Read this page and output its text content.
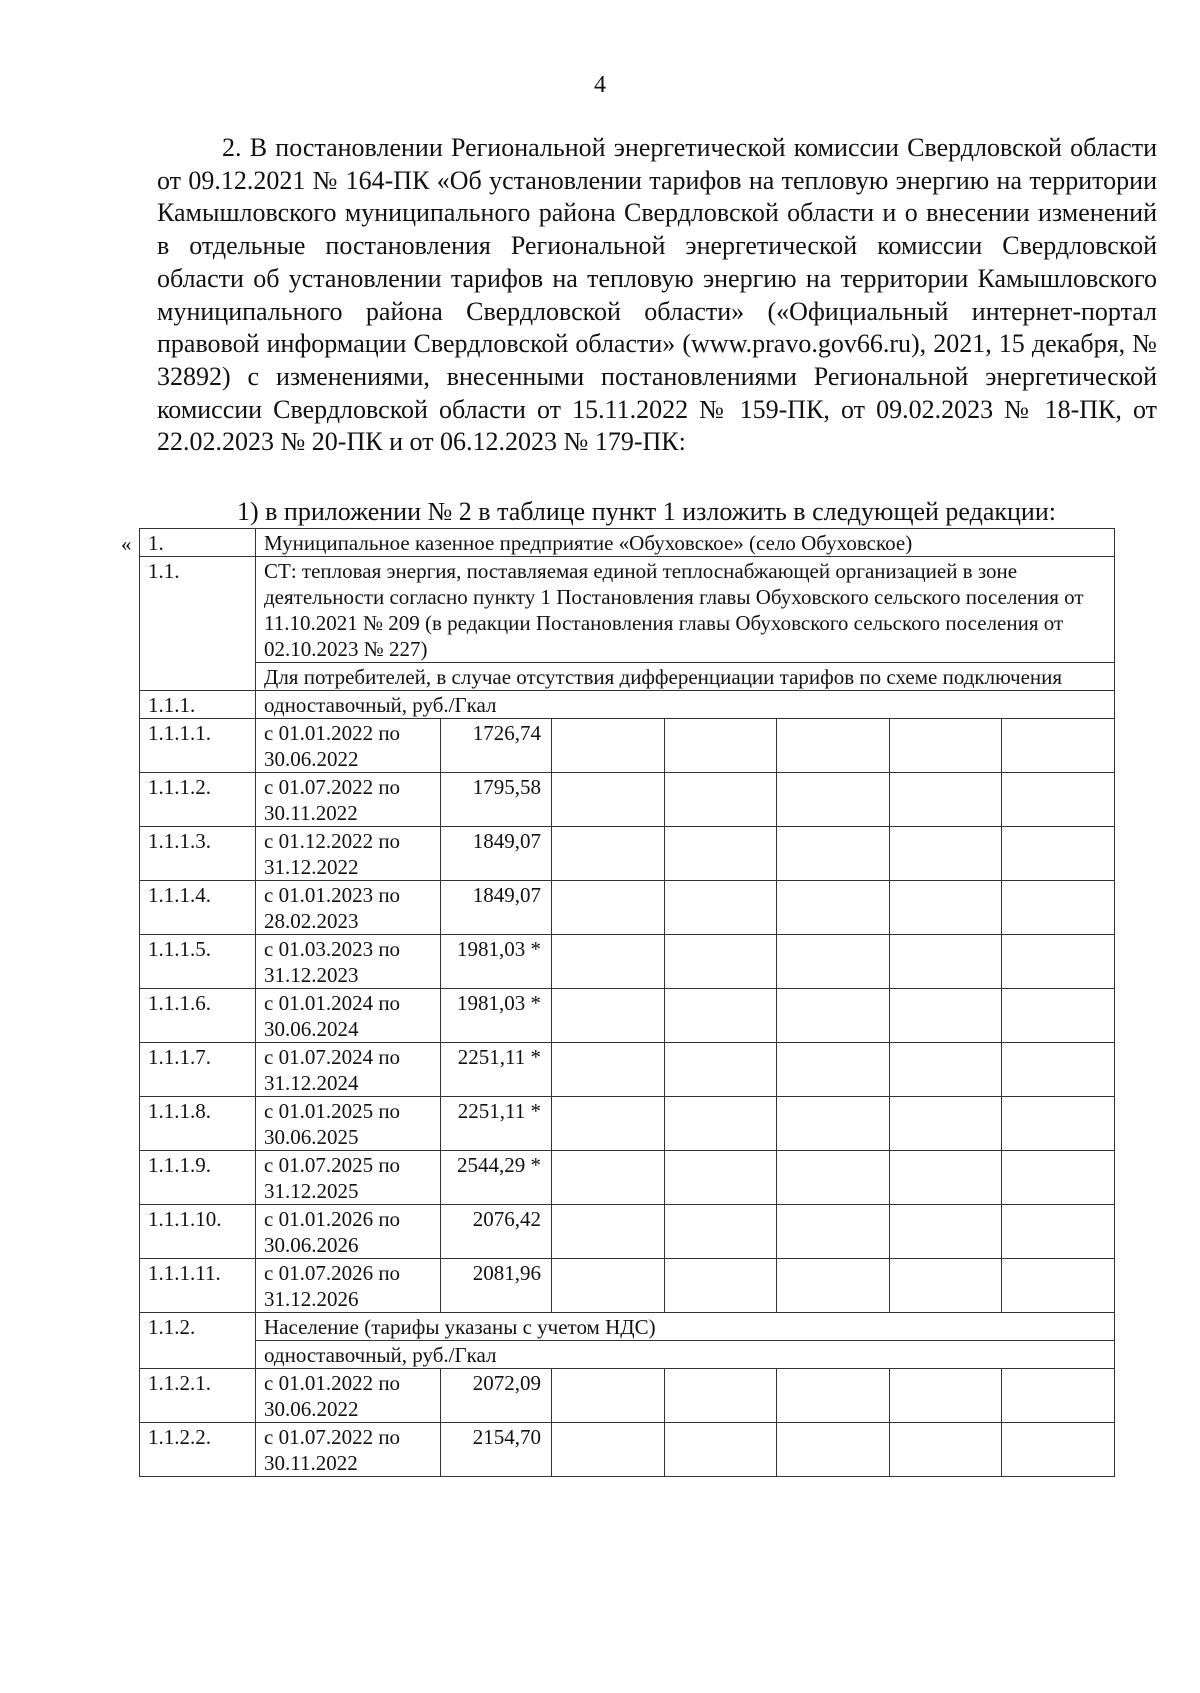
4

2. В постановлении Региональной энергетической комиссии Свердловской области от 09.12.2021 № 164-ПК «Об установлении тарифов на тепловую энергию на территории Камышловского муниципального района Свердловской области и о внесении изменений в отдельные постановления Региональной энергетической комиссии Свердловской области об установлении тарифов на тепловую энергию на территории Камышловского муниципального района Свердловской области» («Официальный интернет-портал правовой информации Свердловской области» (www.pravo.gov66.ru), 2021, 15 декабря, № 32892) с изменениями, внесенными постановлениями Региональной энергетической комиссии Свердловской области от 15.11.2022 № 159-ПК, от 09.02.2023 № 18-ПК, от 22.02.2023 № 20-ПК и от 06.12.2023 № 179-ПК:

1) в приложении № 2 в таблице пункт 1 изложить в следующей редакции:
« 1.	Муниципальное казенное предприятие «Обуховское» (село Обуховское)						
1.1.	СТ: тепловая энергия, поставляемая единой теплоснабжающей организацией в зоне деятельности согласно пункту 1 Постановления главы Обуховского сельского поселения от 11.10.2021 № 209 (в редакции Постановления главы Обуховского сельского поселения от 02.10.2023 № 227)						
	Для потребителей, в случае отсутствия дифференциации тарифов по схеме подключения						
1.1.1.	одноставочный, руб./Гкал						
1.1.1.1.	с 01.01.2022 по 30.06.2022	1726,74					
1.1.1.2.	с 01.07.2022 по 30.11.2022	1795,58					
1.1.1.3.	с 01.12.2022 по 31.12.2022	1849,07					
1.1.1.4.	с 01.01.2023 по 28.02.2023	1849,07					
1.1.1.5.	с 01.03.2023 по 31.12.2023	1981,03 *					
1.1.1.6.	с 01.01.2024 по 30.06.2024	1981,03 *					
1.1.1.7.	с 01.07.2024 по 31.12.2024	2251,11 *					
1.1.1.8.	с 01.01.2025 по 30.06.2025	2251,11 *					
1.1.1.9.	с 01.07.2025 по 31.12.2025	2544,29 *					
1.1.1.10.	с 01.01.2026 по 30.06.2026	2076,42					
1.1.1.11.	с 01.07.2026 по 31.12.2026	2081,96					
1.1.2.	Население (тарифы указаны с учетом НДС)						
	одноставочный, руб./Гкал						
1.1.2.1.	с 01.01.2022 по 30.06.2022	2072,09					
1.1.2.2.	с 01.07.2022 по 30.11.2022	2154,70					
